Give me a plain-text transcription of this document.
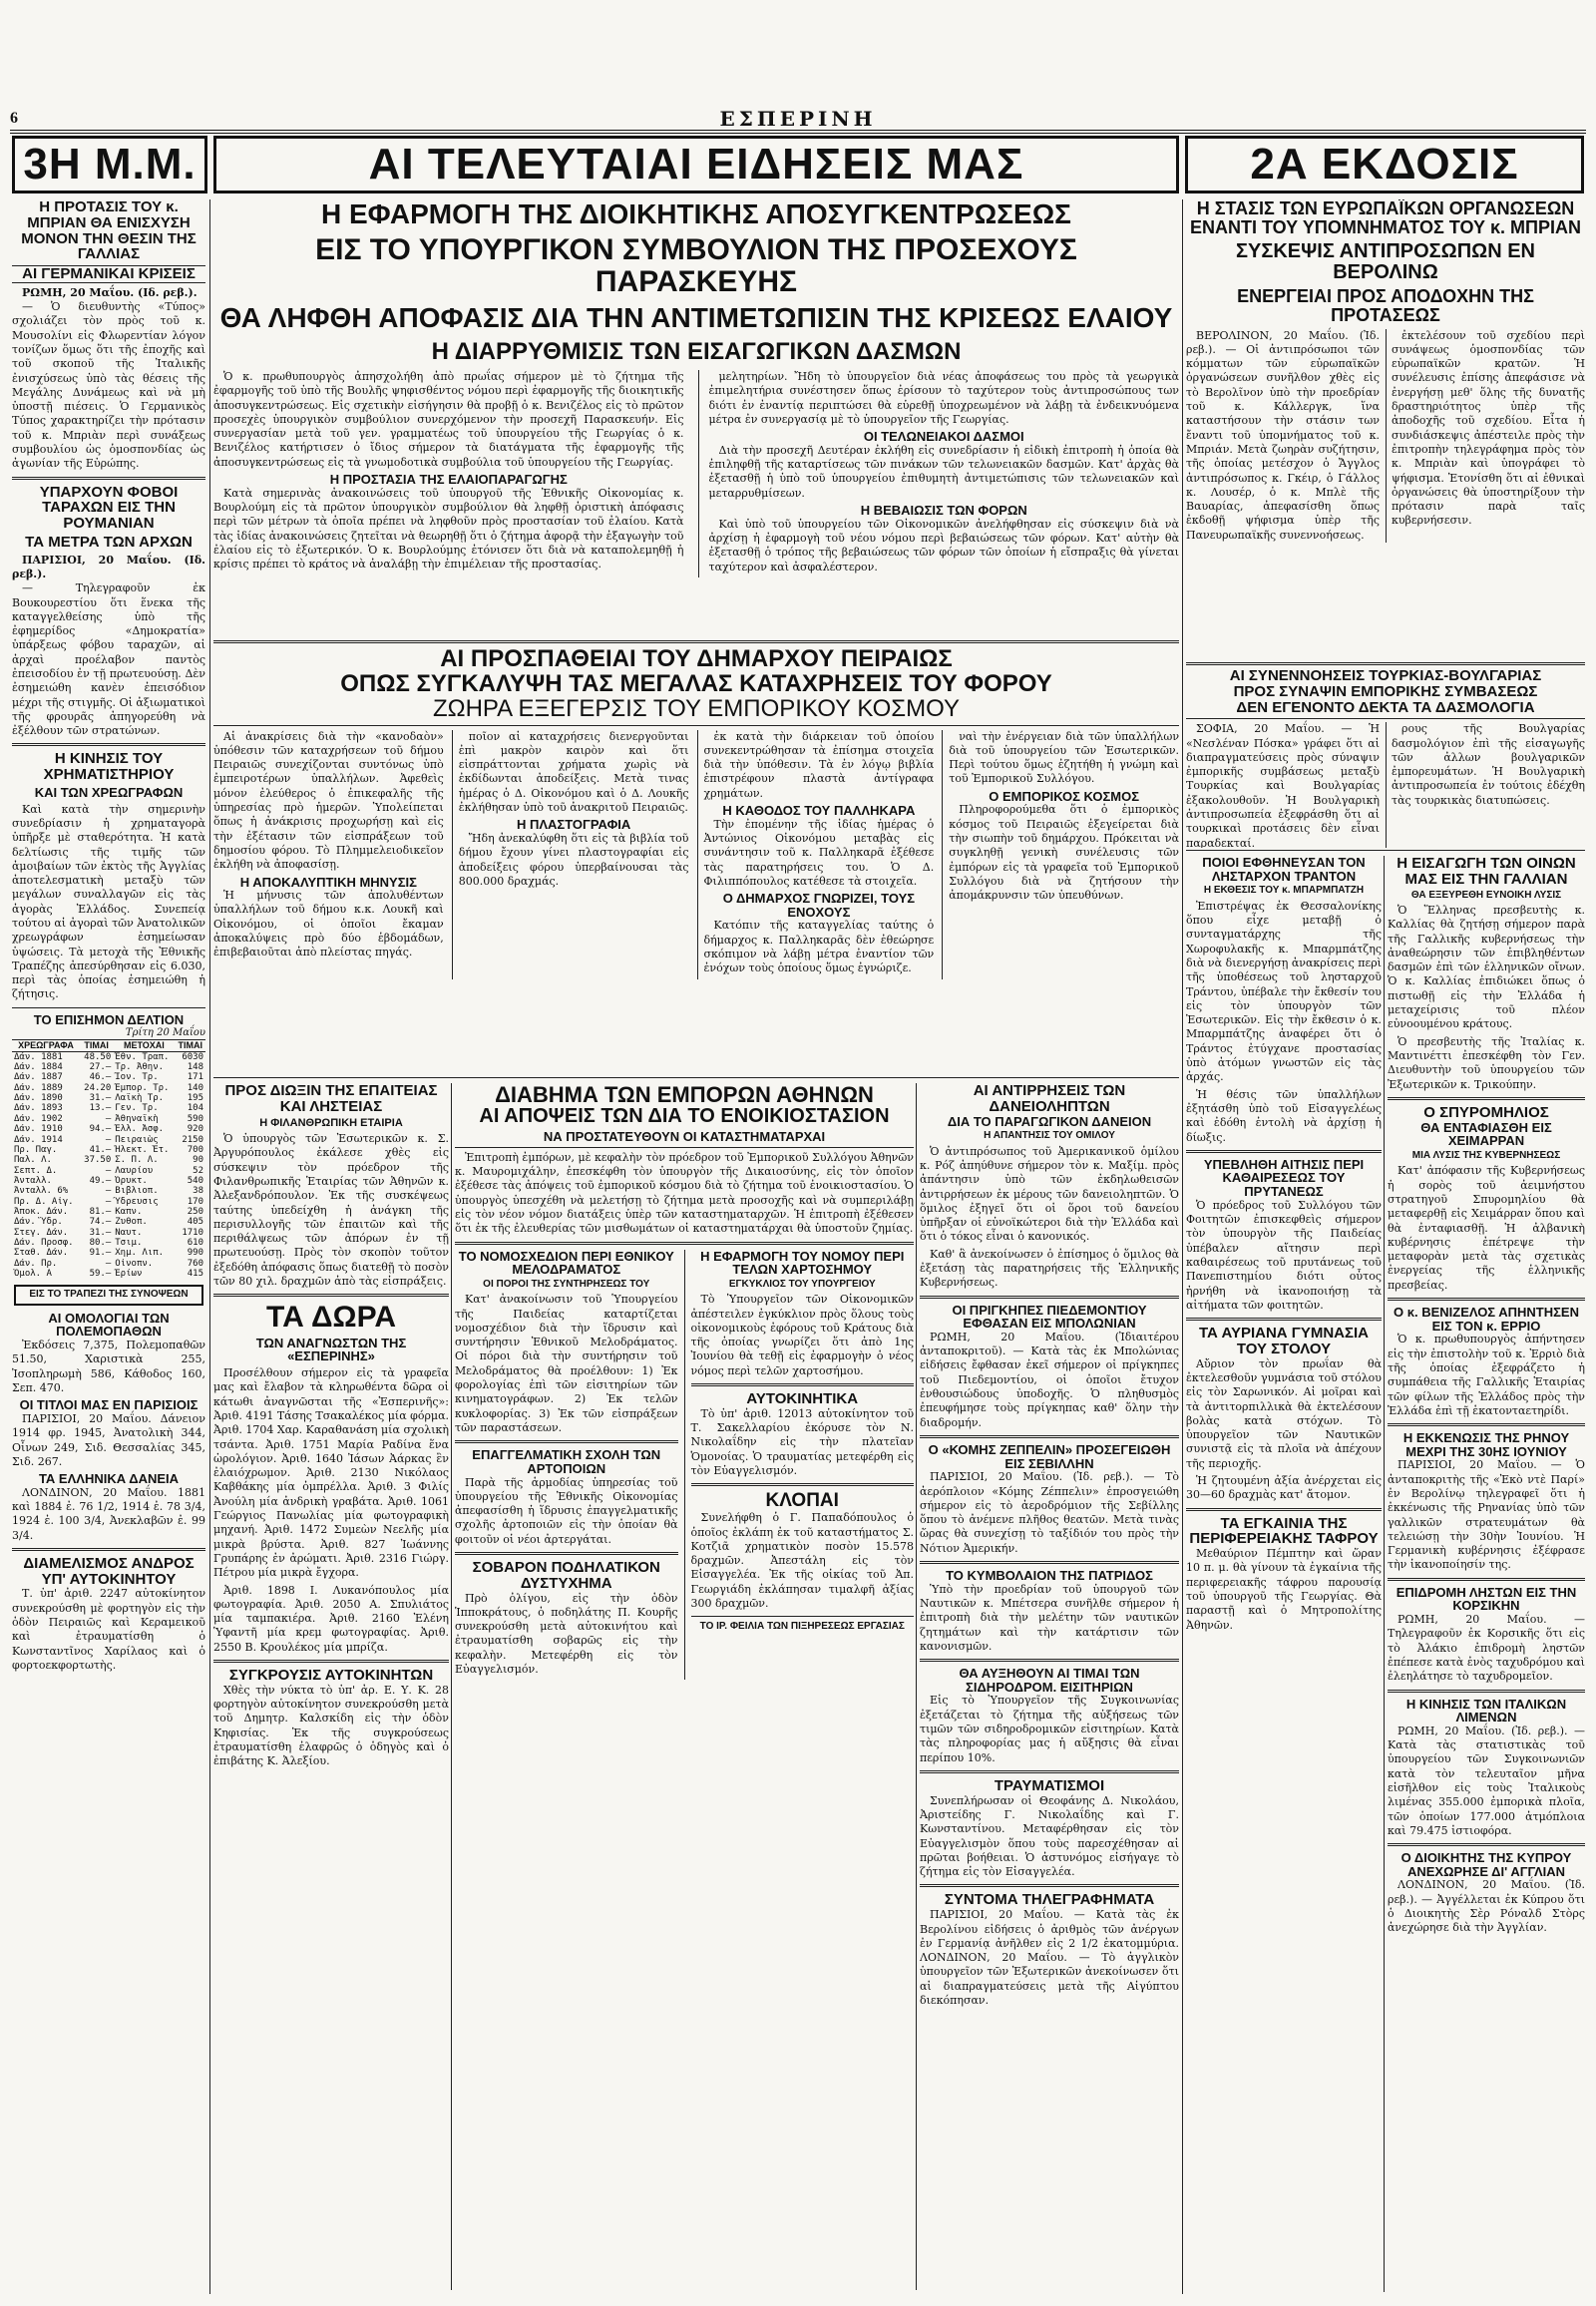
6	ΕΣΠΕΡΙΝΗ
3Η Μ.Μ.	ΑΙ ΤΕΛΕΥΤΑΙΑΙ ΕΙΔΗΣΕΙΣ ΜΑΣ	2Α ΕΚΔΟΣΙΣ
Η ΠΡΟΤΑΣΙΣ ΤΟΥ κ. ΜΠΡΙΑΝ ΘΑ ΕΝΙΣΧΥΣΗ ΜΟΝΟΝ ΤΗΝ ΘΕΣΙΝ ΤΗΣ ΓΑΛΛΙΑΣ
ΑΙ ΓΕΡΜΑΝΙΚΑΙ ΚΡΙΣΕΙΣ
ΡΩΜΗ, 20 Μαΐου. (Ιδ. ρεβ.).

— Ὁ διευθυντὴς «Τύπος» σχολιάζει τὸν πρὸς τοῦ κ. Μουσολίνι εἰς Φλωρεντίαν λόγον τονίζων ὅμως ὅτι τῆς ἐποχῆς καὶ τοῦ σκοποῦ τῆς Ἰταλικῆς ἐνισχύσεως ὑπὸ τὰς θέσεις τῆς Μεγάλης Δυνάμεως καὶ νὰ μὴ ὑποστῇ πιέσεις. Ὁ Γερμανικὸς Τύπος χαρακτηρίζει τὴν πρότασιν τοῦ κ. Μπριὰν περὶ συνάξεως συμβουλίου ὡς ὁμοσπονδίας ὡς ἀγωνίαν τῆς Εὐρώπης.

ΥΠΑΡΧΟΥΝ ΦΟΒΟΙ ΤΑΡΑΧΩΝ ΕΙΣ ΤΗΝ ΡΟΥΜΑΝΙΑΝ
ΤΑ ΜΕΤΡΑ ΤΩΝ ΑΡΧΩΝ
ΠΑΡΙΣΙΟΙ, 20 Μαΐου. (Ιδ. ρεβ.).

— Τηλεγραφοῦν ἐκ Βουκουρεστίου ὅτι ἕνεκα τῆς καταγγελθείσης ὑπὸ τῆς ἐφημερίδος «Δημοκρατία» ὑπάρξεως φόβου ταραχῶν, αἱ ἀρχαὶ προέλαβον παντὸς ἐπεισοδίου ἐν τῇ πρωτευούσῃ. Δὲν ἐσημειώθη κανὲν ἐπεισόδιον μέχρι τῆς στιγμῆς. Οἱ ἀξιωματικοὶ τῆς φρουρᾶς ἀπηγορεύθη νὰ ἐξέλθουν τῶν στρατώνων.

Η ΚΙΝΗΣΙΣ ΤΟΥ ΧΡΗΜΑΤΙΣΤΗΡΙΟΥ
ΚΑΙ ΤΩΝ ΧΡΕΩΓΡΑΦΩΝ

Καὶ κατὰ τὴν σημερινὴν συνεδρίασιν ἡ χρηματαγορὰ ὑπῆρξε μὲ σταθερότητα. Ἡ κατὰ δελτίωσις τῆς τιμῆς τῶν ἀμοιβαίων τῶν ἐκτὸς τῆς Ἀγγλίας ἀποτελεσματικὴ μεταξὺ τῶν μεγάλων συναλλαγῶν εἰς τὰς ἀγορὰς Ἐλλάδος. Συνεπείᾳ τούτου αἱ ἀγοραὶ τῶν Ἀνατολικῶν χρεωγράφων ἐσημείωσαν ὑψώσεις. Τὰ μετοχὰ τῆς Ἐθνικῆς Τραπέζης ἀπεσύρθησαν εἰς 6.030, περὶ τὰς ὁποίας ἐσημειώθη ἡ ζήτησις.

ΤΟ ΕΠΙΣΗΜΟΝ ΔΕΛΤΙΟΝ
Τρίτη 20 Μαΐου
ΧΡΕΩΓΡΑΦΑ	ΤΙΜΑΙ	ΜΕΤΟΧΑΙ	ΤΙΜΑΙ
Δάν. 1881	48.50	Ἐθν. Τραπ.	6030
Δάν. 1884	27.–	Τρ. Ἀθην.	148
Δάν. 1887	46.–	Ἰον. Τρ.	171
Δάν. 1889	24.20	Ἐμπορ. Τρ.	140
Δάν. 1890	31.–	Λαϊκὴ Τρ.	195
Δάν. 1893	13.–	Γεν. Τρ.	104
Δάν. 1902	—	Ἀθηναϊκὴ	590
Δάν. 1910	94.–	Ἐλλ. Ἀσφ.	920
Δάν. 1914	—	Πειραιὼς	2150
Πρ. Παγ.	41.–	Ἠλεκτ. Ἑτ.	700
Παλ. Λ.	37.50	Σ. Π. Λ.	90
Σεπτ. Δ.	—	Λαυρίου	52
Ἀνταλλ.	49.–	Ὀρυκτ.	540
Ἀνταλλ. 6%	—	Βιβλιοπ.	38
Πρ. Δ. Αἰγ.	—	Ὕδρευσις	170
Ἀποκ. Δάν.	81.–	Καπν.	250
Δάν. Ὕδρ.	74.–	Ζυθοπ.	405
Στεγ. Δάν.	31.–	Ναυτ.	1710
Δάν. Προσφ.	80.–	Τσιμ.	610
Σταθ. Δάν.	91.–	Χημ. Λιπ.	990
Δάν. Πρ.	—	Οἰνοπν.	760
Ὁμολ. Α	59.–	Ἐρίων	415
ΕΙΣ ΤΟ ΤΡΑΠΕΖΙ ΤΗΣ ΣΥΝΟΨΕΩΝ
ΑΙ ΟΜΟΛΟΓΙΑΙ ΤΩΝ ΠΟΛΕΜΟΠΑΘΩΝ

Ἐκδόσεις 7,375, Πολεμοπαθῶν 51.50, Χαριστικὰ 255, Ἰσοπληρωμὴ 586, Κάθοδος 160, Σεπ. 470.

ΟΙ ΤΙΤΛΟΙ ΜΑΣ ΕΝ ΠΑΡΙΣΙΟΙΣ

ΠΑΡΙΣΙΟΙ, 20 Μαΐου. Δάνειον 1914 φρ. 1945, Ἀνατολικὴ 344, Οἶνων 249, Σιδ. Θεσσαλίας 345, Σιδ. 267.

ΤΑ ΕΛΛΗΝΙΚΑ ΔΑΝΕΙΑ

ΛΟΝΔΙΝΟΝ, 20 Μαΐου. 1881 καὶ 1884 ἐ. 76 1/2, 1914 ἐ. 78 3/4, 1924 ἐ. 100 3/4, Ἀνεκλαβῶν ἐ. 99 3/4.

ΔΙΑΜΕΛΙΣΜΟΣ ΑΝΔΡΟΣ ΥΠ' ΑΥΤΟΚΙΝΗΤΟΥ

Τ. ὑπ' ἀριθ. 2247 αὐτοκίνητον συνεκρούσθη μὲ φορτηγὸν εἰς τὴν ὁδὸν Πειραιῶς καὶ Κεραμεικοῦ καὶ ἐτραυματίσθη ὁ Κωνσταντῖνος Χαρίλαος καὶ ὁ φορτοεκφορτωτὴς.

Η ΕΦΑΡΜΟΓΗ ΤΗΣ ΔΙΟΙΚΗΤΙΚΗΣ ΑΠΟΣΥΓΚΕΝΤΡΩΣΕΩΣ
ΕΙΣ ΤΟ ΥΠΟΥΡΓΙΚΟΝ ΣΥΜΒΟΥΛΙΟΝ ΤΗΣ ΠΡΟΣΕΧΟΥΣ ΠΑΡΑΣΚΕΥΗΣ
ΘΑ ΛΗΦΘΗ ΑΠΟΦΑΣΙΣ ΔΙΑ ΤΗΝ ΑΝΤΙΜΕΤΩΠΙΣΙΝ ΤΗΣ ΚΡΙΣΕΩΣ ΕΛΑΙΟΥ
Η ΔΙΑΡΡΥΘΜΙΣΙΣ ΤΩΝ ΕΙΣΑΓΩΓΙΚΩΝ ΔΑΣΜΩΝ

Ὁ κ. πρωθυπουργὸς ἀπησχολήθη ἀπὸ πρωΐας σήμερον μὲ τὸ ζήτημα τῆς ἐφαρμογῆς τοῦ ὑπὸ τῆς Βουλῆς ψηφισθέντος νόμου περὶ ἐφαρμογῆς τῆς διοικητικῆς ἀποσυγκεντρώσεως. Εἰς σχετικὴν εἰσήγησιν θὰ προβῇ ὁ κ. Βενιζέλος εἰς τὸ πρῶτον προσεχὲς ὑπουργικὸν συμβούλιον συνερχόμενον τὴν προσεχῆ Παρασκευήν. Εἰς συνεργασίαν μετὰ τοῦ γεν. γραμματέως τοῦ ὑπουργείου τῆς Γεωργίας ὁ κ. Βενιζέλος κατήρτισεν ὁ ἴδιος σήμερον τὰ διατάγματα τῆς ἐφαρμογῆς τῆς ἀποσυγκεντρώσεως εἰς τὰ γνωμοδοτικὰ συμβούλια τοῦ ὑπουργείου τῆς Γεωργίας.

Η ΠΡΟΣΤΑΣΙΑ ΤΗΣ ΕΛΑΙΟΠΑΡΑΓΩΓΗΣ

Κατὰ σημερινὰς ἀνακοινώσεις τοῦ ὑπουργοῦ τῆς Ἐθνικῆς Οἰκονομίας κ. Βουρλούμη εἰς τὰ πρῶτον ὑπουργικὸν συμβούλιον θὰ ληφθῇ ὁριστικὴ ἀπόφασις περὶ τῶν μέτρων τὰ ὁποῖα πρέπει νὰ ληφθοῦν πρὸς προστασίαν τοῦ ἐλαίου. Κατὰ τὰς ἰδίας ἀνακοινώσεις ζητεῖται νὰ θεωρηθῇ ὅτι ὁ ζήτημα ἀφορᾷ τὴν ἐξαγωγὴν τοῦ ἐλαίου εἰς τὸ ἐξωτερικόν. Ὁ κ. Βουρλούμης ἐτόνισεν ὅτι διὰ νὰ καταπολεμηθῇ ἡ κρίσις πρέπει τὸ κράτος νὰ ἀναλάβῃ τὴν ἐπιμέλειαν τῆς προστασίας.

μελητηρίων. Ἤδη τὸ ὑπουργεῖον διὰ νέας ἀποφάσεως του πρὸς τὰ γεωργικὰ ἐπιμελητήρια συνέστησεν ὅπως ἐρίσουν τὸ ταχύτερον τοὺς ἀντιπροσώπους των διότι ἐν ἐναντίᾳ περιπτώσει θὰ εὑρεθῇ ὑποχρεωμένον νὰ λάβῃ τὰ ἐνδεικνυόμενα μέτρα ἐν συνεργασίᾳ μὲ τὸ ὑπουργεῖον τῆς Γεωργίας.

ΟΙ ΤΕΛΩΝΕΙΑΚΟΙ ΔΑΣΜΟΙ

Διὰ τὴν προσεχῆ Δευτέραν ἐκλήθη εἰς συνεδρίασιν ἡ εἰδικὴ ἐπιτροπὴ ἡ ὁποία θὰ ἐπιληφθῇ τῆς καταρτίσεως τῶν πινάκων τῶν τελωνειακῶν δασμῶν. Κατ' ἀρχὰς θὰ ἐξετασθῇ ἡ ὑπὸ τοῦ ὑπουργείου ἐπιθυμητὴ ἀντιμετώπισις τῶν τελωνειακῶν καὶ μεταρρυθμίσεων.

Η ΒΕΒΑΙΩΣΙΣ ΤΩΝ ΦΟΡΩΝ

Καὶ ὑπὸ τοῦ ὑπουργείου τῶν Οἰκονομικῶν ἀνελήφθησαν εἰς σύσκεψιν διὰ νὰ ἀρχίσῃ ἡ ἐφαρμογὴ τοῦ νέου νόμου περὶ βεβαιώσεως τῶν φόρων. Κατ' αὐτὴν θὰ ἐξετασθῇ ὁ τρόπος τῆς βεβαιώσεως τῶν φόρων τῶν ὁποίων ἡ εἴσπραξις θὰ γίνεται ταχύτερον καὶ ἀσφαλέστερον.

ΑΙ ΠΡΟΣΠΑΘΕΙΑΙ ΤΟΥ ΔΗΜΑΡΧΟΥ ΠΕΙΡΑΙΩΣ
ΟΠΩΣ ΣΥΓΚΑΛΥΨΗ ΤΑΣ ΜΕΓΑΛΑΣ ΚΑΤΑΧΡΗΣΕΙΣ ΤΟΥ ΦΟΡΟΥ
ΖΩΗΡΑ ΕΞΕΓΕΡΣΙΣ ΤΟΥ ΕΜΠΟΡΙΚΟΥ ΚΟΣΜΟΥ

Αἱ ἀνακρίσεις διὰ τὴν «κανοδαὸν» ὑπόθεσιν τῶν καταχρήσεων τοῦ δήμου Πειραιῶς συνεχίζονται συντόνως ὑπὸ ἐμπειροτέρων ὑπαλλήλων. Ἀφεθεὶς μόνον ἐλεύθερος ὁ ἐπικεφαλῆς τῆς ὑπηρεσίας πρὸ ἡμερῶν. Ὑπολείπεται ὅπως ἡ ἀνάκρισις προχωρήσῃ καὶ εἰς τὴν ἐξέτασιν τῶν εἰσπράξεων τοῦ δημοσίου φόρου. Τὸ Πλημμελειοδικεῖον ἐκλήθη νὰ ἀποφασίσῃ.

Η ΑΠΟΚΑΛΥΠΤΙΚΗ ΜΗΝΥΣΙΣ

Ἡ μήνυσις τῶν ἀπολυθέντων ὑπαλλήλων τοῦ δήμου κ.κ. Λουκῆ καὶ Οἰκονόμου, οἱ ὁποῖοι ἔκαμαν ἀποκαλύψεις πρὸ δύο ἑβδομάδων, ἐπιβεβαιοῦται ἀπὸ πλείστας πηγάς.

ποῖον αἱ καταχρήσεις διενεργοῦνται ἐπὶ μακρὸν καιρὸν καὶ ὅτι εἰσπράττονται χρήματα χωρὶς νὰ ἐκδίδωνται ἀποδείξεις. Μετὰ τινας ἡμέρας ὁ Δ. Οἰκονόμου καὶ ὁ Δ. Λουκῆς ἐκλήθησαν ὑπὸ τοῦ ἀνακριτοῦ Πειραιῶς.

Η ΠΛΑΣΤΟΓΡΑΦΙΑ

Ἤδη ἀνεκαλύφθη ὅτι εἰς τὰ βιβλία τοῦ δήμου ἔχουν γίνει πλαστογραφίαι εἰς ἀποδείξεις φόρου ὑπερβαίνουσαι τὰς 800.000 δραχμάς.

ἐκ κατὰ τὴν διάρκειαν τοῦ ὁποίου συνεκεντρώθησαν τὰ ἐπίσημα στοιχεῖα διὰ τὴν ὑπόθεσιν. Τὰ ἐν λόγῳ βιβλία ἐπιστρέφουν πλαστὰ ἀντίγραφα χρημάτων.

Η ΚΑΘΟΔΟΣ ΤΟΥ ΠΑΛΛΗΚΑΡΑ

Τὴν ἐπομένην τῆς ἰδίας ἡμέρας ὁ Ἀντώνιος Οἰκονόμου μεταβὰς εἰς συνάντησιν τοῦ κ. Παλληκαρᾶ ἐξέθεσε τὰς παρατηρήσεις του. Ὁ Δ. Φιλιππόπουλος κατέθεσε τὰ στοιχεῖα.

Ο ΔΗΜΑΡΧΟΣ ΓΝΩΡΙΖΕΙ, ΤΟΥΣ ΕΝΟΧΟΥΣ

Κατόπιν τῆς καταγγελίας ταύτης ὁ δήμαρχος κ. Παλληκαρᾶς δὲν ἐθεώρησε σκόπιμον νὰ λάβῃ μέτρα ἐναντίον τῶν ἐνόχων τοὺς ὁποίους ὅμως ἐγνώριζε.

ναὶ τὴν ἐνέργειαν διὰ τῶν ὑπαλλήλων διὰ τοῦ ὑπουργείου τῶν Ἐσωτερικῶν. Περὶ τούτου ὅμως ἐζητήθη ἡ γνώμη καὶ τοῦ Ἐμπορικοῦ Συλλόγου.

Ο ΕΜΠΟΡΙΚΟΣ ΚΟΣΜΟΣ

Πληροφορούμεθα ὅτι ὁ ἐμπορικὸς κόσμος τοῦ Πειραιῶς ἐξεγείρεται διὰ τὴν σιωπὴν τοῦ δημάρχου. Πρόκειται νὰ συγκληθῇ γενικὴ συνέλευσις τῶν ἐμπόρων εἰς τὰ γραφεῖα τοῦ Ἐμπορικοῦ Συλλόγου διὰ νὰ ζητήσουν τὴν ἀπομάκρυνσιν τῶν ὑπευθύνων.

ΠΡΟΣ ΔΙΩΞΙΝ ΤΗΣ ΕΠΑΙΤΕΙΑΣ ΚΑΙ ΛΗΣΤΕΙΑΣ
Η ΦΙΛΑΝΘΡΩΠΙΚΗ ΕΤΑΙΡΙΑ

Ὁ ὑπουργὸς τῶν Ἐσωτερικῶν κ. Σ. Ἀργυρόπουλος ἐκάλεσε χθὲς εἰς σύσκεψιν τὸν πρόεδρον τῆς Φιλανθρωπικῆς Ἑταιρίας τῶν Ἀθηνῶν κ. Ἀλεξανδρόπουλον. Ἐκ τῆς συσκέψεως ταύτης ὑπεδείχθη ἡ ἀνάγκη τῆς περισυλλογῆς τῶν ἐπαιτῶν καὶ τῆς περιθάλψεως τῶν ἀπόρων ἐν τῇ πρωτευούσῃ. Πρὸς τὸν σκοπὸν τοῦτον ἐξεδόθη ἀπόφασις ὅπως διατεθῇ τὸ ποσὸν τῶν 80 χιλ. δραχμῶν ἀπὸ τὰς εἰσπράξεις.

ΤΑ ΔΩΡΑ
ΤΩΝ ΑΝΑΓΝΩΣΤΩΝ ΤΗΣ «ΕΣΠΕΡΙΝΗΣ»

Προσέλθουν σήμερον εἰς τὰ γραφεῖα μας καὶ ἔλαβον τὰ κληρωθέντα δῶρα οἱ κάτωθι ἀναγνῶσται τῆς «Ἑσπερινῆς»: Ἀριθ. 4191 Τάσης Τσακαλέκος μία φόρμα. Ἀριθ. 1704 Χαρ. Καραθανάση μία σχολικὴ τσάντα. Ἀριθ. 1751 Μαρία Ραδίνα ἕνα ὡρολόγιον. Ἀριθ. 1640 Ἰάσων Ἀάρκας ἓν ἐλαιόχρωμον. Ἀριθ. 2130 Νικόλαος Καβθάκης μία ὀμπρέλλα. Ἀριθ. 3 Φιλίς Ἀνούλη μία ἀνδρικὴ γραβάτα. Ἀριθ. 1061 Γεώργιος Πανωλίας μία φωτογραφικὴ μηχανή. Ἀριθ. 1472 Συμεὼν Νεελῆς μία μικρὰ βρύστα. Ἀριθ. 827 Ἰωάννης Γρυπάρης ἐν ἀρώματι. Ἀριθ. 2316 Γιώργ. Πέτρου μία μικρὰ ἔγχορα.

Ἀριθ. 1898 Ι. Λυκανόπουλος μία φωτογραφία. Ἀριθ. 2050 Α. Σπυλιάτος μία ταμπακιέρα. Ἀριθ. 2160 Ἐλένη Ὑφαντῆ μία κρεμ φωτογραφίας. Ἀριθ. 2550 Β. Κρουλέκος μία μπρίζα.

ΣΥΓΚΡΟΥΣΙΣ ΑΥΤΟΚΙΝΗΤΩΝ

Χθὲς τὴν νύκτα τὸ ὑπ' ἀρ. Ε. Υ. Κ. 28 φορτηγὸν αὐτοκίνητον συνεκρούσθη μετὰ τοῦ Δημητρ. Καλσκίδη εἰς τὴν ὁδὸν Κηφισίας. Ἐκ τῆς συγκρούσεως ἐτραυματίσθη ἐλαφρῶς ὁ ὁδηγὸς καὶ ὁ ἐπιβάτης Κ. Ἀλεξίου.

ΔΙΑΒΗΜΑ ΤΩΝ ΕΜΠΟΡΩΝ ΑΘΗΝΩΝ
ΑΙ ΑΠΟΨΕΙΣ ΤΩΝ ΔΙΑ ΤΟ ΕΝΟΙΚΙΟΣΤΑΣΙΟΝ
ΝΑ ΠΡΟΣΤΑΤΕΥΘΟΥΝ ΟΙ ΚΑΤΑΣΤΗΜΑΤΑΡΧΑΙ

Ἐπιτροπὴ ἐμπόρων, μὲ κεφαλὴν τὸν πρόεδρον τοῦ Ἐμπορικοῦ Συλλόγου Ἀθηνῶν κ. Μαυρομιχάλην, ἐπεσκέφθη τὸν ὑπουργὸν τῆς Δικαιοσύνης, εἰς τὸν ὁποῖον ἐξέθεσε τὰς ἀπόψεις τοῦ ἐμπορικοῦ κόσμου διὰ τὸ ζήτημα τοῦ ἐνοικιοστασίου. Ὁ ὑπουργὸς ὑπεσχέθη νὰ μελετήσῃ τὸ ζήτημα μετὰ προσοχῆς καὶ νὰ συμπεριλάβῃ εἰς τὸν νέον νόμον διατάξεις ὑπὲρ τῶν καταστηματαρχῶν. Ἡ ἐπιτροπὴ ἐξέθεσεν ὅτι ἐκ τῆς ἐλευθερίας τῶν μισθωμάτων οἱ καταστηματάρχαι θὰ ὑποστοῦν ζημίας.

ΤΟ ΝΟΜΟΣΧΕΔΙΟΝ ΠΕΡΙ ΕΘΝΙΚΟΥ ΜΕΛΟΔΡΑΜΑΤΟΣ
ΟΙ ΠΟΡΟΙ ΤΗΣ ΣΥΝΤΗΡΗΣΕΩΣ ΤΟΥ

Κατ' ἀνακοίνωσιν τοῦ Ὑπουργείου τῆς Παιδείας καταρτίζεται νομοσχέδιον διὰ τὴν ἵδρυσιν καὶ συντήρησιν Ἐθνικοῦ Μελοδράματος. Οἱ πόροι διὰ τὴν συντήρησιν τοῦ Μελοδράματος θὰ προέλθουν: 1) Ἐκ φορολογίας ἐπὶ τῶν εἰσιτηρίων τῶν κινηματογράφων. 2) Ἐκ τελῶν κυκλοφορίας. 3) Ἐκ τῶν εἰσπράξεων τῶν παραστάσεων.

ΕΠΑΓΓΕΛΜΑΤΙΚΗ ΣΧΟΛΗ ΤΩΝ ΑΡΤΟΠΟΙΩΝ

Παρὰ τῆς ἁρμοδίας ὑπηρεσίας τοῦ ὑπουργείου τῆς Ἐθνικῆς Οἰκονομίας ἀπεφασίσθη ἡ ἵδρυσις ἐπαγγελματικῆς σχολῆς ἀρτοποιῶν εἰς τὴν ὁποίαν θὰ φοιτοῦν οἱ νέοι ἀρτεργάται.

ΣΟΒΑΡΟΝ ΠΟΔΗΛΑΤΙΚΟΝ ΔΥΣΤΥΧΗΜΑ

Πρὸ ὀλίγου, εἰς τὴν ὁδὸν Ἱπποκράτους, ὁ ποδηλάτης Π. Κουρῆς συνεκρούσθη μετὰ αὐτοκινήτου καὶ ἐτραυματίσθη σοβαρῶς εἰς τὴν κεφαλὴν. Μετεφέρθη εἰς τὸν Εὐαγγελισμόν.

Η ΕΦΑΡΜΟΓΗ ΤΟΥ ΝΟΜΟΥ ΠΕΡΙ ΤΕΛΩΝ ΧΑΡΤΟΣΗΜΟΥ
ΕΓΚΥΚΛΙΟΣ ΤΟΥ ΥΠΟΥΡΓΕΙΟΥ

Τὸ Ὑπουργεῖον τῶν Οἰκονομικῶν ἀπέστειλεν ἐγκύκλιον πρὸς ὅλους τοὺς οἰκονομικοὺς ἐφόρους τοῦ Κράτους διὰ τῆς ὁποίας γνωρίζει ὅτι ἀπὸ 1ης Ἰουνίου θὰ τεθῇ εἰς ἐφαρμογὴν ὁ νέος νόμος περὶ τελῶν χαρτοσήμου.

ΑΥΤΟΚΙΝΗΤΙΚΑ

Τὸ ὑπ' ἀριθ. 12013 αὐτοκίνητον τοῦ Τ. Σακελλαρίου ἐκόρυσε τὸν Ν. Νικολαΐδην εἰς τὴν πλατεῖαν Ὁμονοίας. Ὁ τραυματίας μετεφέρθη εἰς τὸν Εὐαγγελισμόν.

ΚΛΟΠΑΙ

Συνελήφθη ὁ Γ. Παπαδόπουλος ὁ ὁποῖος ἐκλάπη ἐκ τοῦ καταστήματος Σ. Κοτζιᾶ χρηματικὸν ποσὸν 15.578 δραχμῶν. Ἀπεστάλη εἰς τὸν Εἰσαγγελέα. Ἐκ τῆς οἰκίας τοῦ Ἀπ. Γεωργιάδη ἐκλάπησαν τιμαλφῆ ἀξίας 300 δραχμῶν.

ΤΟ ΙΡ. ΦΕΙΛΙΑ ΤΩΝ ΠΙΞΗΡΕΣΕΩΣ ΕΡΓΑΣΙΑΣ
ΑΙ ΑΝΤΙΡΡΗΣΕΙΣ ΤΩΝ ΔΑΝΕΙΟΛΗΠΤΩΝ
ΔΙΑ ΤΟ ΠΑΡΑΓΩΓΙΚΟΝ ΔΑΝΕΙΟΝ
Η ΑΠΑΝΤΗΣΙΣ ΤΟΥ ΟΜΙΛΟΥ

Ὁ ἀντιπρόσωπος τοῦ Ἀμερικανικοῦ ὁμίλου κ. Ρόζ ἀπηύθυνε σήμερον τὸν κ. Μαξίμ. πρὸς ἀπάντησιν ὑπὸ τῶν ἐκδηλωθεισῶν ἀντιρρήσεων ἐκ μέρους τῶν δανειοληπτῶν. Ὁ ὅμιλος ἐξηγεῖ ὅτι οἱ ὅροι τοῦ δανείου ὑπῆρξαν οἱ εὐνοϊκώτεροι διὰ τὴν Ἑλλάδα καὶ ὅτι ὁ τόκος εἶναι ὁ κανονικός.

Καθ' ἃ ἀνεκοίνωσεν ὁ ἐπίσημος ὁ ὅμιλος θὰ ἐξετάσῃ τὰς παρατηρήσεις τῆς Ἑλληνικῆς Κυβερνήσεως.

ΟΙ ΠΡΙΓΚΗΠΕΣ ΠΙΕΔΕΜΟΝΤΙΟΥ ΕΦΘΑΣΑΝ ΕΙΣ ΜΠΟΛΩΝΙΑΝ

ΡΩΜΗ, 20 Μαΐου. (Ἰδιαιτέρου ἀνταποκριτοῦ). — Κατὰ τὰς ἐκ Μπολώνιας εἰδήσεις ἔφθασαν ἐκεῖ σήμερον οἱ πρίγκηπες τοῦ Πιεδεμοντίου, οἱ ὁποῖοι ἔτυχον ἐνθουσιώδους ὑποδοχῆς. Ὁ πληθυσμὸς ἐπευφήμησε τοὺς πρίγκηπας καθ' ὅλην τὴν διαδρομήν.

Ο «ΚΟΜΗΣ ΖΕΠΠΕΛΙΝ» ΠΡΟΣΕΓΕΙΩΘΗ ΕΙΣ ΣΕΒΙΛΛΗΝ

ΠΑΡΙΣΙΟΙ, 20 Μαΐου. (Ἰδ. ρεβ.). — Τὸ ἀερόπλοιον «Κόμης Ζέππελιν» ἐπροσγειώθη σήμερον εἰς τὸ ἀεροδρόμιον τῆς Σεβίλλης ὅπου τὸ ἀνέμενε πλῆθος θεατῶν. Μετὰ τινὰς ὥρας θὰ συνεχίσῃ τὸ ταξίδιόν του πρὸς τὴν Νότιον Ἀμερικήν.

ΤΟ ΚΥΜΒΟΛΑΙΟΝ ΤΗΣ ΠΑΤΡΙΔΟΣ

Ὑπὸ τὴν προεδρίαν τοῦ ὑπουργοῦ τῶν Ναυτικῶν κ. Μπέτσερα συνῆλθε σήμερον ἡ ἐπιτροπὴ διὰ τὴν μελέτην τῶν ναυτικῶν ζητημάτων καὶ τὴν κατάρτισιν τῶν κανονισμῶν.

ΘΑ ΑΥΞΗΘΟΥΝ ΑΙ ΤΙΜΑΙ ΤΩΝ ΣΙΔΗΡΟΔΡΟΜ. ΕΙΣΙΤΗΡΙΩΝ

Εἰς τὸ Ὑπουργεῖον τῆς Συγκοινωνίας ἐξετάζεται τὸ ζήτημα τῆς αὐξήσεως τῶν τιμῶν τῶν σιδηροδρομικῶν εἰσιτηρίων. Κατὰ τὰς πληροφορίας μας ἡ αὔξησις θὰ εἶναι περίπου 10%.

ΤΡΑΥΜΑΤΙΣΜΟΙ

Συνεπλήρωσαν οἱ Θεοφάνης Δ. Νικολάου, Ἀριστείδης Γ. Νικολαΐδης καὶ Γ. Κωνσταντίνου. Μεταφέρθησαν εἰς τὸν Εὐαγγελισμὸν ὅπου τοὺς παρεσχέθησαν αἱ πρῶται βοήθειαι. Ὁ ἀστυνόμος εἰσήγαγε τὸ ζήτημα εἰς τὸν Εἰσαγγελέα.

ΣΥΝΤΟΜΑ ΤΗΛΕΓΡΑΦΗΜΑΤΑ

ΠΑΡΙΣΙΟΙ, 20 Μαΐου. — Κατὰ τὰς ἐκ Βερολίνου εἰδήσεις ὁ ἀριθμὸς τῶν ἀνέργων ἐν Γερμανίᾳ ἀνῆλθεν εἰς 2 1/2 ἑκατομμύρια. ΛΟΝΔΙΝΟΝ, 20 Μαΐου. — Τὸ ἀγγλικὸν ὑπουργεῖον τῶν Ἐξωτερικῶν ἀνεκοίνωσεν ὅτι αἱ διαπραγματεύσεις μετὰ τῆς Αἰγύπτου διεκόπησαν.

Η ΣΤΑΣΙΣ ΤΩΝ ΕΥΡΩΠΑΪΚΩΝ ΟΡΓΑΝΩΣΕΩΝ ΕΝΑΝΤΙ ΤΟΥ ΥΠΟΜΝΗΜΑΤΟΣ ΤΟΥ κ. ΜΠΡΙΑΝ
ΣΥΣΚΕΨΙΣ ΑΝΤΙΠΡΟΣΩΠΩΝ ΕΝ ΒΕΡΟΛΙΝΩ
ΕΝΕΡΓΕΙΑΙ ΠΡΟΣ ΑΠΟΔΟΧΗΝ ΤΗΣ ΠΡΟΤΑΣΕΩΣ

ΒΕΡΟΛΙΝΟΝ, 20 Μαΐου. (Ἰδ. ρεβ.). — Οἱ ἀντιπρόσωποι τῶν κόμματων τῶν εὐρωπαϊκῶν ὀργανώσεων συνῆλθον χθὲς εἰς τὸ Βερολῖνον ὑπὸ τὴν προεδρίαν τοῦ κ. Κάλλεργκ, ἵνα καταστήσουν τὴν στάσιν των ἔναντι τοῦ ὑπομνήματος τοῦ κ. Μπριάν. Μετὰ ζωηρὰν συζήτησιν, τῆς ὁποίας μετέσχον ὁ Ἄγγλος ἀντιπρόσωπος κ. Γκέιρ, ὁ Γάλλος κ. Λουσέρ, ὁ κ. Μπλὲ τῆς Βαυαρίας, ἀπεφασίσθη ὅπως ἐκδοθῇ ψήφισμα ὑπὲρ τῆς Πανευρωπαϊκῆς συνεννοήσεως.

ἐκτελέσουν τοῦ σχεδίου περὶ συνάψεως ὁμοσπονδίας τῶν εὐρωπαϊκῶν κρατῶν. Ἡ συνέλευσις ἐπίσης ἀπεφάσισε νὰ ἐνεργήσῃ μεθ' ὅλης τῆς δυνατῆς δραστηριότητος ὑπὲρ τῆς ἀποδοχῆς τοῦ σχεδίου. Εἶτα ἡ συνδιάσκεψις ἀπέστειλε πρὸς τὴν ἐπιτροπὴν τηλεγράφημα πρὸς τὸν κ. Μπριὰν καὶ ὑπογράφει τὸ ψήφισμα. Ἐτονίσθη ὅτι αἱ ἐθνικαὶ ὀργανώσεις θὰ ὑποστηρίξουν τὴν πρότασιν παρὰ ταῖς κυβερνήσεσιν.

ΑΙ ΣΥΝΕΝΝΟΗΣΕΙΣ ΤΟΥΡΚΙΑΣ-ΒΟΥΛΓΑΡΙΑΣ
ΠΡΟΣ ΣΥΝΑΨΙΝ ΕΜΠΟΡΙΚΗΣ ΣΥΜΒΑΣΕΩΣ
ΔΕΝ ΕΓΕΝΟΝΤΟ ΔΕΚΤΑ ΤΑ ΔΑΣΜΟΛΟΓΙΑ

ΣΟΦΙΑ, 20 Μαΐου. — Ἡ «Νεσλέναν Πόσκα» γράφει ὅτι αἱ διαπραγματεύσεις πρὸς σύναψιν ἐμπορικῆς συμβάσεως μεταξὺ Τουρκίας καὶ Βουλγαρίας ἐξακολουθοῦν. Ἡ Βουλγαρικὴ ἀντιπροσωπεία ἐξεφράσθη ὅτι αἱ τουρκικαὶ προτάσεις δὲν εἶναι παραδεκταί.

ρους τῆς Βουλγαρίας δασμολόγιον ἐπὶ τῆς εἰσαγωγῆς τῶν ἀλλων βουλγαρικῶν ἐμπορευμάτων. Ἡ Βουλγαρικὴ ἀντιπροσωπεία ἐν τούτοις ἐδέχθη τὰς τουρκικὰς διατυπώσεις.

ΠΟΙΟΙ ΕΦΘΗΝΕΥΣΑΝ ΤΟΝ ΛΗΣΤΑΡΧΟΝ ΤΡΑΝΤΟΝ
Η ΕΚΘΕΣΙΣ ΤΟΥ κ. ΜΠΑΡΜΠΑΤΖΗ

Ἐπιστρέψας ἐκ Θεσσαλονίκης ὅπου εἶχε μεταβῇ ὁ συνταγματάρχης τῆς Χωροφυλακῆς κ. Μπαρμπάτζης διὰ νὰ διενεργήσῃ ἀνακρίσεις περὶ τῆς ὑποθέσεως τοῦ λησταρχοῦ Τράντου, ὑπέβαλε τὴν ἔκθεσίν του εἰς τὸν ὑπουργὸν τῶν Ἐσωτερικῶν. Εἰς τὴν ἔκθεσιν ὁ κ. Μπαρμπάτζης ἀναφέρει ὅτι ὁ Τράντος ἐτύγχανε προστασίας ὑπὸ ἀτόμων γνωστῶν εἰς τὰς ἀρχάς.

Ἡ θέσις τῶν ὑπαλλήλων ἐξητάσθη ὑπὸ τοῦ Εἰσαγγελέως καὶ ἐδόθη ἐντολὴ νὰ ἀρχίσῃ ἡ δίωξις.

ΥΠΕΒΛΗΘΗ ΑΙΤΗΣΙΣ ΠΕΡΙ ΚΑΘΑΙΡΕΣΕΩΣ ΤΟΥ ΠΡΥΤΑΝΕΩΣ

Ὁ πρόεδρος τοῦ Συλλόγου τῶν Φοιτητῶν ἐπισκεφθεὶς σήμερον τὸν ὑπουργὸν τῆς Παιδείας ὑπέβαλεν αἴτησιν περὶ καθαιρέσεως τοῦ πρυτάνεως τοῦ Πανεπιστημίου διότι οὗτος ἠρνήθη νὰ ἱκανοποιήσῃ τὰ αἰτήματα τῶν φοιτητῶν.

ΤΑ ΑΥΡΙΑΝΑ ΓΥΜΝΑΣΙΑ ΤΟΥ ΣΤΟΛΟΥ

Αὔριον τὸν πρωΐαν θὰ ἐκτελεσθοῦν γυμνάσια τοῦ στόλου εἰς τὸν Σαρωνικόν. Αἱ μοῖραι καὶ τὰ ἀντιτορπιλλικὰ θὰ ἐκτελέσουν βολὰς κατὰ στόχων. Τὸ ὑπουργεῖον τῶν Ναυτικῶν συνιστᾷ εἰς τὰ πλοῖα νὰ ἀπέχουν τῆς περιοχῆς.

Ἡ ζητουμένη ἀξία ἀνέρχεται εἰς 30—60 δραχμὰς κατ' ἄτομον.

ΤΑ ΕΓΚΑΙΝΙΑ ΤΗΣ ΠΕΡΙΦΕΡΕΙΑΚΗΣ ΤΑΦΡΟΥ

Μεθαύριον Πέμπτην καὶ ὥραν 10 π. μ. θὰ γίνουν τὰ ἐγκαίνια τῆς περιφερειακῆς τάφρου παρουσίᾳ τοῦ ὑπουργοῦ τῆς Γεωργίας. Θὰ παραστῇ καὶ ὁ Μητροπολίτης Ἀθηνῶν.

Η ΕΙΣΑΓΩΓΗ ΤΩΝ ΟΙΝΩΝ ΜΑΣ ΕΙΣ ΤΗΝ ΓΑΛΛΙΑΝ
ΘΑ ΕΞΕΥΡΕΘΗ ΕΥΝΟΙΚΗ ΛΥΣΙΣ

Ὁ Ἕλληνας πρεσβευτὴς κ. Καλλίας θὰ ζητήσῃ σήμερον παρὰ τῆς Γαλλικῆς κυβερνήσεως τὴν ἀναθεώρησιν τῶν ἐπιβληθέντων δασμῶν ἐπὶ τῶν ἑλληνικῶν οἴνων. Ὁ κ. Καλλίας ἐπιδιώκει ὅπως ὁ πιστωθῇ εἰς τὴν Ἑλλάδα ἡ μεταχείρισις τοῦ πλέον εὐνοουμένου κράτους.

Ὁ πρεσβευτὴς τῆς Ἰταλίας κ. Μαντινέττι ἐπεσκέφθη τὸν Γεν. Διευθυντὴν τοῦ ὑπουργείου τῶν Ἐξωτερικῶν κ. Τρικούπην.

Ο ΣΠΥΡΟΜΗΛΙΟΣ
ΘΑ ΕΝΤΑΦΙΑΣΘΗ ΕΙΣ ΧΕΙΜΑΡΡΑΝ
ΜΙΑ ΛΥΣΙΣ ΤΗΣ ΚΥΒΕΡΝΗΣΕΩΣ

Κατ' ἀπόφασιν τῆς Κυβερνήσεως ἡ σορὸς τοῦ ἀειμνήστου στρατηγοῦ Σπυρομηλίου θὰ μεταφερθῇ εἰς Χειμάρραν ὅπου καὶ θὰ ἐνταφιασθῇ. Ἡ ἀλβανικὴ κυβέρνησις ἐπέτρεψε τὴν μεταφορὰν μετὰ τὰς σχετικὰς ἐνεργείας τῆς ἑλληνικῆς πρεσβείας.

Ο κ. ΒΕΝΙΖΕΛΟΣ ΑΠΗΝΤΗΣΕΝ ΕΙΣ ΤΟΝ κ. ΕΡΡΙΟ

Ὁ κ. πρωθυπουργὸς ἀπήντησεν εἰς τὴν ἐπιστολὴν τοῦ κ. Ἐρριὸ διὰ τῆς ὁποίας ἐξεφράζετο ἡ συμπάθεια τῆς Γαλλικῆς Ἑταιρίας τῶν φίλων τῆς Ἑλλάδος πρὸς τὴν Ἑλλάδα ἐπὶ τῇ ἑκατονταετηρίδι.

Η ΕΚΚΕΝΩΣΙΣ ΤΗΣ ΡΗΝΟΥ ΜΕΧΡΙ ΤΗΣ 30ΗΣ ΙΟΥΝΙΟΥ

ΠΑΡΙΣΙΟΙ, 20 Μαΐου. — Ὁ ἀνταποκριτὴς τῆς «Ἐκὸ ντὲ Παρί» ἐν Βερολίνῳ τηλεγραφεῖ ὅτι ἡ ἐκκένωσις τῆς Ρηνανίας ὑπὸ τῶν γαλλικῶν στρατευμάτων θὰ τελειώσῃ τὴν 30ὴν Ἰουνίου. Ἡ Γερμανικὴ κυβέρνησις ἐξέφρασε τὴν ἱκανοποίησίν της.

ΕΠΙΔΡΟΜΗ ΛΗΣΤΩΝ ΕΙΣ ΤΗΝ ΚΟΡΣΙΚΗΝ

ΡΩΜΗ, 20 Μαΐου. — Τηλεγραφοῦν ἐκ Κορσικῆς ὅτι εἰς τὸ Ἀλάκιο ἐπιδρομὴ ληστῶν ἐπέπεσε κατὰ ἐνὸς ταχυδρόμου καὶ ἐλεηλάτησε τὸ ταχυδρομεῖον.

Η ΚΙΝΗΣΙΣ ΤΩΝ ΙΤΑΛΙΚΩΝ ΛΙΜΕΝΩΝ

ΡΩΜΗ, 20 Μαΐου. (Ἰδ. ρεβ.). — Κατὰ τὰς στατιστικὰς τοῦ ὑπουργείου τῶν Συγκοινωνιῶν κατὰ τὸν τελευταῖον μῆνα εἰσῆλθον εἰς τοὺς Ἰταλικοὺς λιμένας 355.000 ἐμπορικὰ πλοῖα, τῶν ὁποίων 177.000 ἀτμόπλοια καὶ 79.475 ἱστιοφόρα.

Ο ΔΙΟΙΚΗΤΗΣ ΤΗΣ ΚΥΠΡΟΥ ΑΝΕΧΩΡΗΣΕ ΔΙ' ΑΓΓΛΙΑΝ

ΛΟΝΔΙΝΟΝ, 20 Μαΐου. (Ἰδ. ρεβ.). — Ἀγγέλλεται ἐκ Κύπρου ὅτι ὁ Διοικητὴς Σὲρ Ρόναλδ Στὸρς ἀνεχώρησε διὰ τὴν Ἀγγλίαν.
